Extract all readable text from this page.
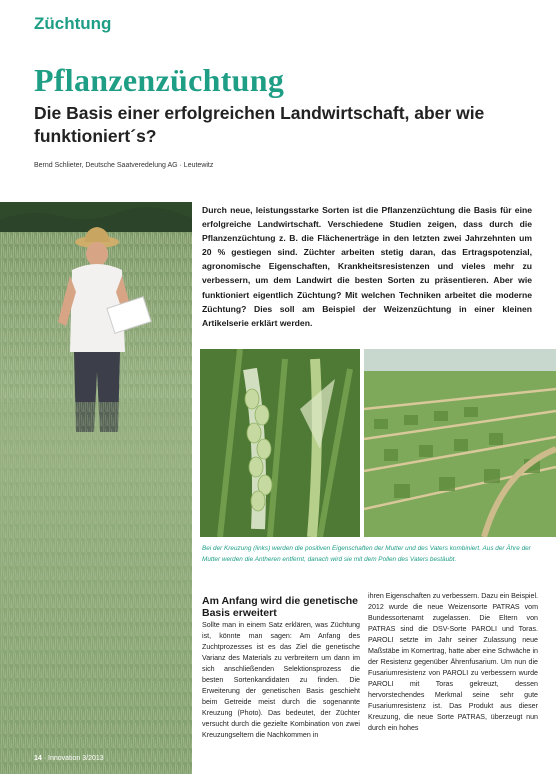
Züchtung
Pflanzenzüchtung
Die Basis einer erfolgreichen Landwirtschaft, aber wie funktioniert´s?
Bernd Schlieter, Deutsche Saatveredelung AG · Leutewitz

Durch neue, leistungsstarke Sorten ist die Pflanzenzüchtung die Basis für eine erfolgreiche Landwirtschaft. Verschiedene Studien zeigen, dass durch die Pflanzenzüchtung z. B. die Flächenerträge in den letzten zwei Jahrzehnten um 20 % gestiegen sind. Züchter arbeiten stetig daran, das Ertragspotenzial, agronomische Eigenschaften, Krankheitsresistenzen und vieles mehr zu verbessern, um dem Landwirt die besten Sorten zu präsentieren. Aber wie funktioniert eigentlich Züchtung? Mit welchen Techniken arbeitet die moderne Züchtung? Dies soll am Beispiel der Weizenzüchtung in einer kleinen Artikelserie erklärt werden.

Bei der Kreuzung (links) werden die positiven Eigenschaften der Mutter und des Vaters kombiniert. Aus der Ähre der Mutter werden die Antheren entfernt, danach wird sie mit dem Pollen des Vaters bestäubt.
Am Anfang wird die genetische Basis erweitert

Sollte man in einem Satz erklären, was Züchtung ist, könnte man sagen: Am Anfang des Zuchtprozesses ist es das Ziel die genetische Varianz des Materials zu verbreitern um dann im sich anschließenden Selektionsprozess die besten Sortenkandidaten zu finden. Die Erweiterung der genetischen Basis geschieht beim Getreide meist durch die sogenannte Kreuzung (Photo). Das bedeutet, der Züchter versucht durch die gezielte Kombination von zwei Kreuzungseltern die Nachkommen in

ihren Eigenschaften zu verbessern. Dazu ein Beispiel. 2012 wurde die neue Weizensorte PATRAS vom Bundessortenamt zugelassen. Die Eltern von PATRAS sind die DSV-Sorte PAROLI und Toras. PAROLI setzte im Jahr seiner Zulassung neue Maßstäbe im Kornertrag, hatte aber eine Schwäche in der Resistenz gegenüber Ährenfusarium. Um nun die Fusariumresistenz von PAROLI zu verbessern wurde PAROLI mit Toras gekreuzt, dessen hervorstechendes Merkmal seine sehr gute Fusariumresistenz ist. Das Produkt aus dieser Kreuzung, die neue Sorte PATRAS, überzeugt nun durch ein hohes

14 · Innovation 3/2013
